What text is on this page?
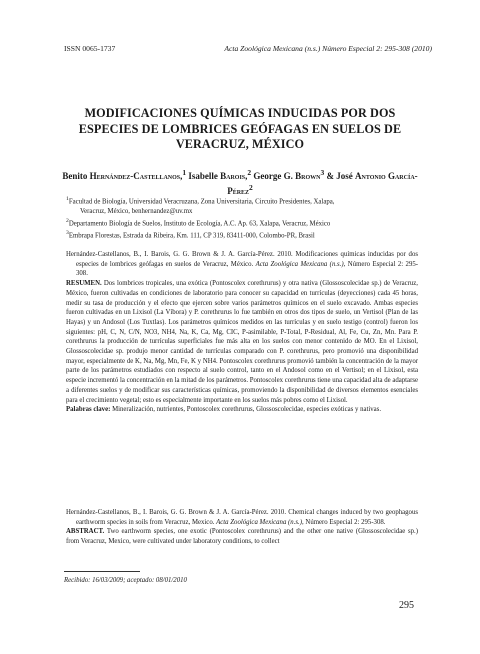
ISSN 0065-1737	Acta Zoológica Mexicana (n.s.) Número Especial 2: 295-308 (2010)
MODIFICACIONES QUÍMICAS INDUCIDAS POR DOS ESPECIES DE LOMBRICES GEÓFAGAS EN SUELOS DE VERACRUZ, MÉXICO
Benito Hernández-Castellanos,$^1$ Isabelle Barois,$^2$ George G. Brown$^3$ & José Antonio García-Pérez$^2$

$^1$Facultad de Biología, Universidad Veracruzana, Zona Universitaria, Circuito Presidentes, Xalapa,

Veracruz, México, benhernandez@uv.mx

$^2$Departamento Biología de Suelos, Instituto de Ecología, A.C. Ap. 63, Xalapa, Veracruz, México

$^3$Embrapa Florestas, Estrada da Ribeira, Km. 111, CP 319, 83411-000, Colombo-PR, Brasil

Hernández-Castellanos, B., I. Barois, G. G. Brown & J. A. García-Pérez. 2010. Modificaciones químicas inducidas por dos especies de lombrices geófagas en suelos de Veracruz, México. Acta Zoológica Mexicana (n.s.), Número Especial 2: 295-308.

RESUMEN. Dos lombrices tropicales, una exótica (Pontoscolex corethrurus) y otra nativa (Glossoscolecidae sp.) de Veracruz, México, fueron cultivadas en condiciones de laboratorio para conocer su capacidad en turrículas (deyecciones) cada 45 horas, medir su tasa de producción y el efecto que ejercen sobre varios parámetros químicos en el suelo excavado. Ambas especies fueron cultivadas en un Lixisol (La Víbora) y P. corethrurus lo fue también en otros dos tipos de suelo, un Vertisol (Plan de las Hayas) y un Andosol (Los Tuxtlas). Los parámetros químicos medidos en las turrículas y en suelo testigo (control) fueron los siguientes: pH, C, N, C/N, NO3, NH4, Na, K, Ca, Mg, CIC, P-asimilable, P-Total, P-Residual, Al, Fe, Cu, Zn, Mn. Para P. corethrurus la producción de turrículas superficiales fue más alta en los suelos con menor contenido de MO. En el Lixisol, Glossoscolecidae sp. produjo menor cantidad de turrículas comparado con P. corethrurus, pero promovió una disponibilidad mayor, especialmente de K, Na, Mg, Mn, Fe, K y NH4. Pontoscolex corethrurus promovió también la concentración de la mayor parte de los parámetros estudiados con respecto al suelo control, tanto en el Andosol como en el Vertisol; en el Lixisol, esta especie incrementó la concentración en la mitad de los parámetros. Pontoscolex corethrurus tiene una capacidad alta de adaptarse a diferentes suelos y de modificar sus características químicas, promoviendo la disponibilidad de diversos elementos esenciales para el crecimiento vegetal; esto es especialmente importante en los suelos más pobres como el Lixisol.

Palabras clave: Mineralización, nutrientes, Pontoscolex corethrurus, Glossoscolecidae, especies exóticas y nativas.

Hernández-Castellanos, B., I. Barois, G. G. Brown & J. A. García-Pérez. 2010. Chemical changes induced by two geophagous earthworm species in soils from Veracruz, Mexico. Acta Zoológica Mexicana (n.s.), Número Especial 2: 295-308.

ABSTRACT. Two earthworm species, one exotic (Pontoscolex corethrurus) and the other one native (Glossoscolecidae sp.) from Veracruz, Mexico, were cultivated under laboratory conditions, to collect

Recibido: 16/03/2009; aceptado: 08/01/2010
295
